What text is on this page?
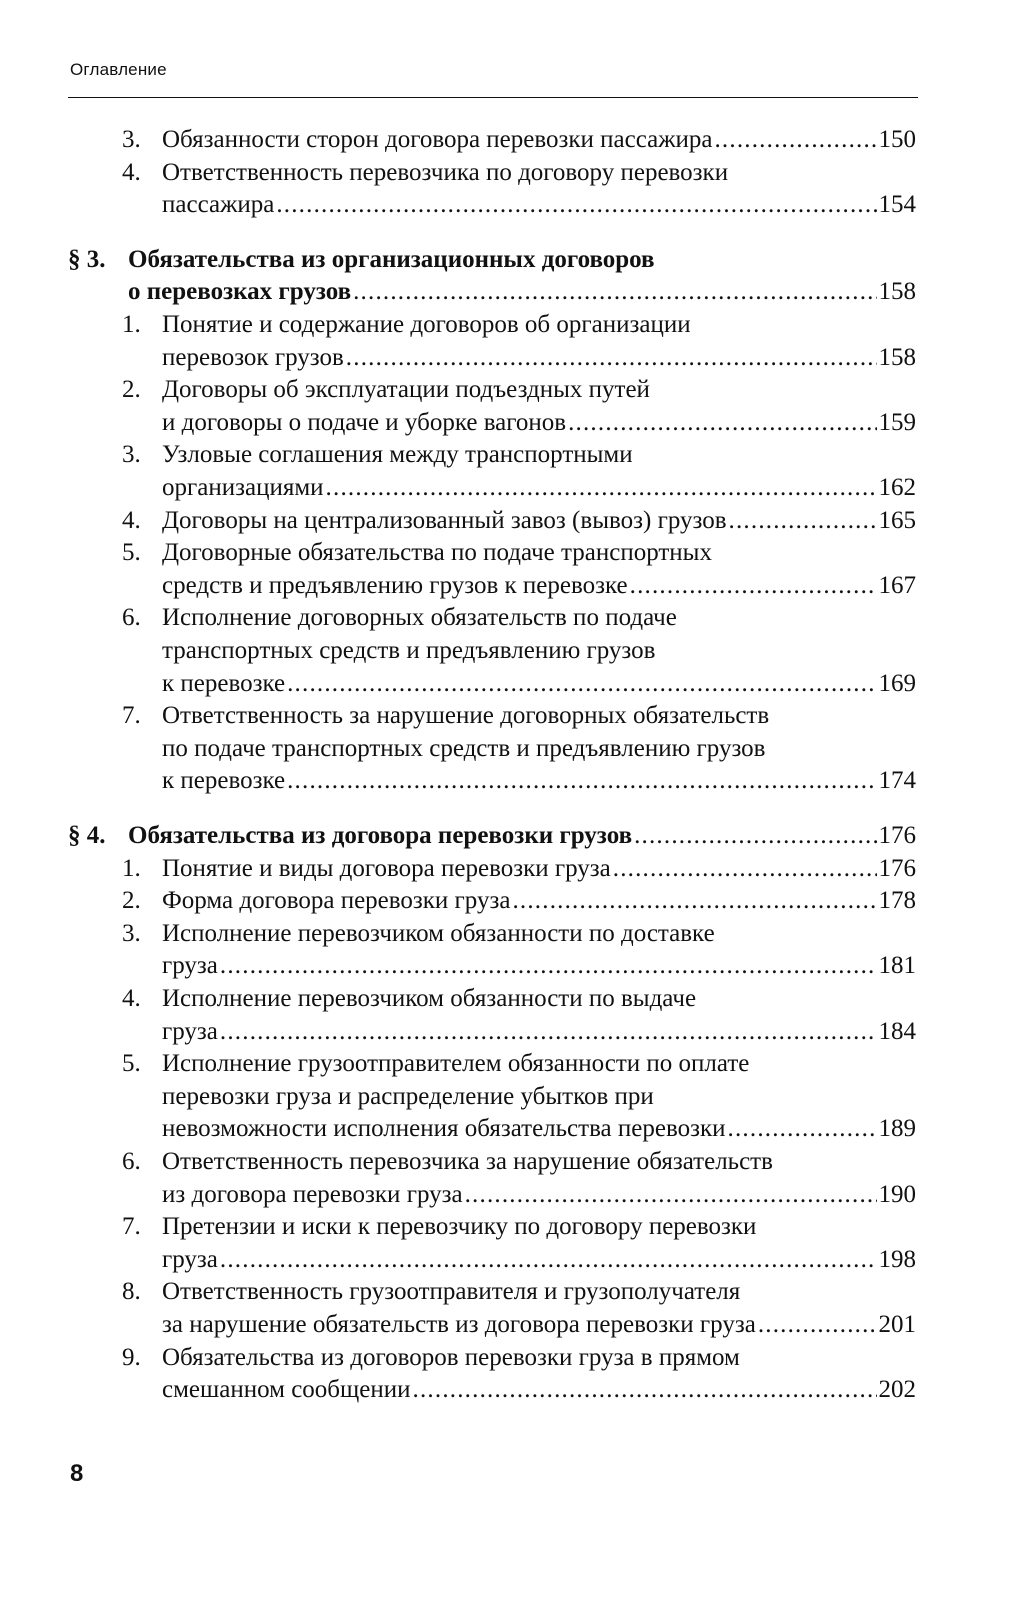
Оглавление
3. Обязанности сторон договора перевозки пассажира .....	150
4. Ответственность перевозчика по договору перевозки
пассажира .....	154
§ 3. Обязательства из организационных договоров
о перевозках грузов .....	158
1. Понятие и содержание договоров об организации
перевозок грузов .....	158
2. Договоры об эксплуатации подъездных путей
и договоры о подаче и уборке вагонов .....	159
3. Узловые соглашения между транспортными
организациями .....	162
4. Договоры на централизованный завоз (вывоз) грузов .....	165
5. Договорные обязательства по подаче транспортных
средств и предъявлению грузов к перевозке .....	167
6. Исполнение договорных обязательств по подаче
транспортных средств и предъявлению грузов
к перевозке .....	169
7. Ответственность за нарушение договорных обязательств
по подаче транспортных средств и предъявлению грузов
к перевозке .....	174
§ 4. Обязательства из договора перевозки грузов .....	176
1. Понятие и виды договора перевозки груза .....	176
2. Форма договора перевозки груза .....	178
3. Исполнение перевозчиком обязанности по доставке
груза .....	181
4. Исполнение перевозчиком обязанности по выдаче
груза .....	184
5. Исполнение грузоотправителем обязанности по оплате
перевозки груза и распределение убытков при
невозможности исполнения обязательства перевозки .....	189
6. Ответственность перевозчика за нарушение обязательств
из договора перевозки груза .....	190
7. Претензии и иски к перевозчику по договору перевозки
груза .....	198
8. Ответственность грузоотправителя и грузополучателя
за нарушение обязательств из договора перевозки груза .....	201
9. Обязательства из договоров перевозки груза в прямом
смешанном сообщении .....	202
8
